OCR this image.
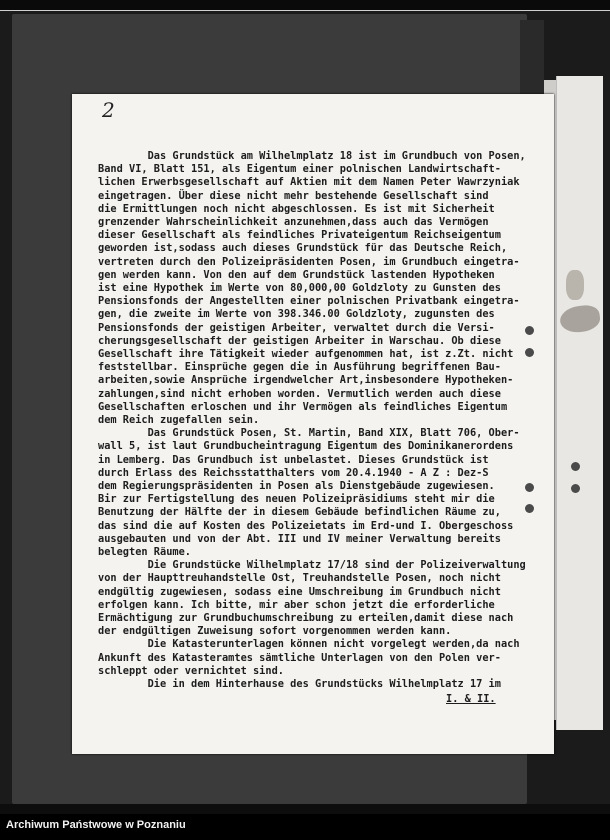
2
Das Grundstück am Wilhelmplatz 18 ist im Grundbuch von Posen,
Band VI, Blatt 151, als Eigentum einer polnischen Landwirtschaft-
lichen Erwerbsgesellschaft auf Aktien mit dem Namen Peter Wawrzyniak
eingetragen. Über diese nicht mehr bestehende Gesellschaft sind
die Ermittlungen noch nicht abgeschlossen. Es ist mit Sicherheit
grenzender Wahrscheinlichkeit anzunehmen,dass auch das Vermögen
dieser Gesellschaft als feindliches Privateigentum Reichseigentum
geworden ist,sodass auch dieses Grundstück für das Deutsche Reich,
vertreten durch den Polizeipräsidenten Posen, im Grundbuch eingetra-
gen werden kann. Von den auf dem Grundstück lastenden Hypotheken
ist eine Hypothek im Werte von 80,000,00 Goldzloty zu Gunsten des
Pensionsfonds der Angestellten einer polnischen Privatbank eingetra-
gen, die zweite im Werte von 398.346.00 Goldzloty, zugunsten des
Pensionsfonds der geistigen Arbeiter, verwaltet durch die Versi-
cherungsgesellschaft der geistigen Arbeiter in Warschau. Ob diese
Gesellschaft ihre Tätigkeit wieder aufgenommen hat, ist z.Zt. nicht
feststellbar. Einsprüche gegen die in Ausführung begriffenen Bau-
arbeiten,sowie Ansprüche irgendwelcher Art,insbesondere Hypotheken-
zahlungen,sind nicht erhoben worden. Vermutlich werden auch diese
Gesellschaften erloschen und ihr Vermögen als feindliches Eigentum
dem Reich zugefallen sein.
Das Grundstück Posen, St. Martin, Band XIX, Blatt 706, Ober-
wall 5, ist laut Grundbucheintragung Eigentum des Dominikanerordens
in Lemberg. Das Grundbuch ist unbelastet. Dieses Grundstück ist
durch Erlass des Reichsstatthalters vom 20.4.1940 - A Z : Dez-S
dem Regierungspräsidenten in Posen als Dienstgebäude zugewiesen.
Bir zur Fertigstellung des neuen Polizeipräsidiums steht mir die
Benutzung der Hälfte der in diesem Gebäude befindlichen Räume zu,
das sind die auf Kosten des Polizeietats im Erd-und I. Obergeschoss
ausgebauten und von der Abt. III und IV meiner Verwaltung bereits
belegten Räume.
Die Grundstücke Wilhelmplatz 17/18 sind der Polizeiverwaltung
von der Haupttreuhandstelle Ost, Treuhandstelle Posen, noch nicht
endgültig zugewiesen, sodass eine Umschreibung im Grundbuch nicht
erfolgen kann. Ich bitte, mir aber schon jetzt die erforderliche
Ermächtigung zur Grundbuchumschreibung zu erteilen,damit diese nach
der endgültigen Zuweisung sofort vorgenommen werden kann.
Die Katasterunterlagen können nicht vorgelegt werden,da nach
Ankunft des Katasteramtes sämtliche Unterlagen von den Polen ver-
schleppt oder vernichtet sind.
Die in dem Hinterhause des Grundstücks Wilhelmplatz 17 im
I. & II.
Archiwum Państwowe w Poznaniu
